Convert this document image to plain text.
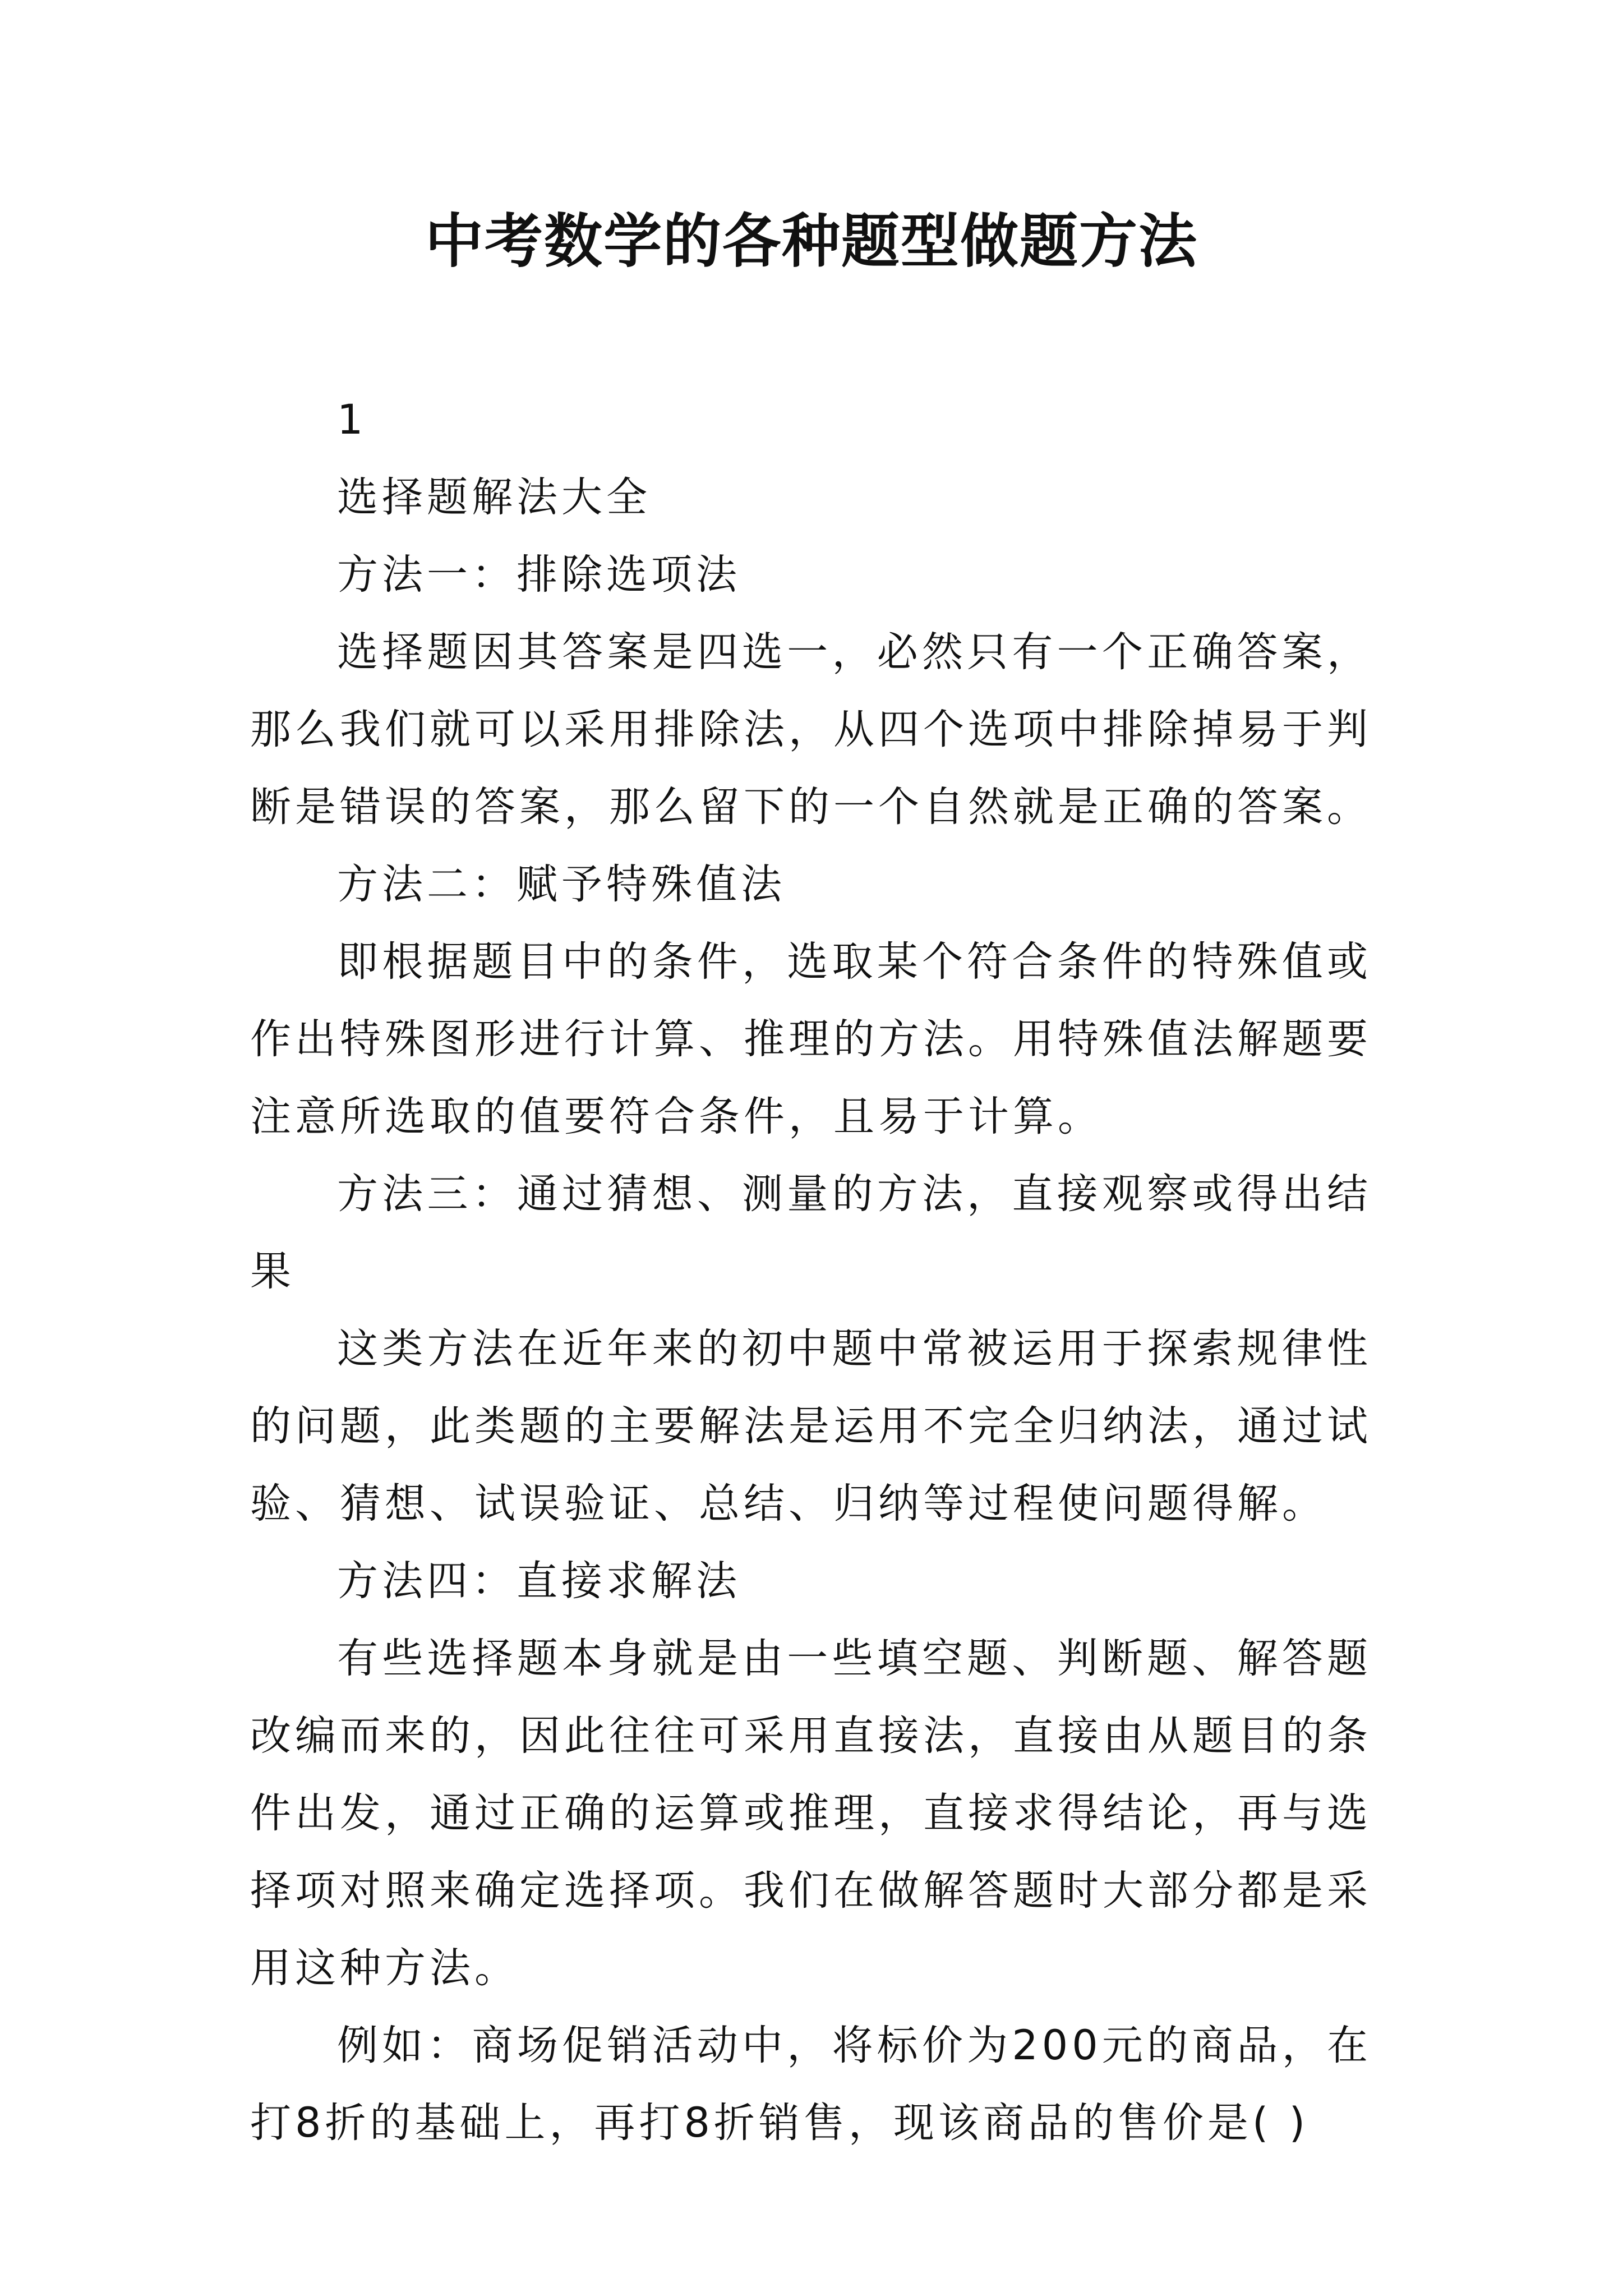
中考数学的各种题型做题方法

1

选择题解法大全

方法一：排除选项法

选择题因其答案是四选一，必然只有一个正确答案，那么我们就可以采用排除法，从四个选项中排除掉易于判断是错误的答案，那么留下的一个自然就是正确的答案。

方法二：赋予特殊值法

即根据题目中的条件，选取某个符合条件的特殊值或作出特殊图形进行计算、推理的方法。用特殊值法解题要注意所选取的值要符合条件，且易于计算。

方法三：通过猜想、测量的方法，直接观察或得出结果

这类方法在近年来的初中题中常被运用于探索规律性的问题，此类题的主要解法是运用不完全归纳法，通过试验、猜想、试误验证、总结、归纳等过程使问题得解。

方法四：直接求解法

有些选择题本身就是由一些填空题、判断题、解答题改编而来的，因此往往可采用直接法，直接由从题目的条件出发，通过正确的运算或推理，直接求得结论，再与选择项对照来确定选择项。我们在做解答题时大部分都是采用这种方法。

例如：商场促销活动中，将标价为200元的商品，在打8折的基础上，再打8折销售，现该商品的售价是( )
